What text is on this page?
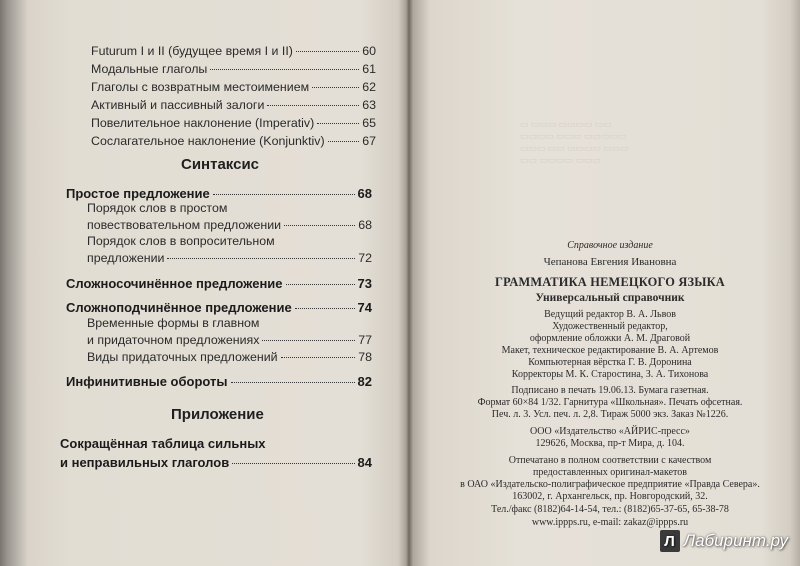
Futurum I и II (будущее время I и II)	60
Модальные глаголы	61
Глаголы с возвратным местоимением	62
Активный и пассивный залоги	63
Повелительное наклонение (Imperativ)	65
Сослагательное наклонение (Konjunktiv)	67
Синтаксис
Простое предложение	68
Порядок слов в простом
повествовательном предложении	68
Порядок слов в вопросительном
предложении	72
Сложносочинённое предложение	73
Сложноподчинённое предложение	74
Временные формы в главном
и придаточном предложениях	77
Виды придаточных предложений	78
Инфинитивные обороты	82
Приложение
Сокращённая таблица сильных
и неправильных глаголов	84
▭ ▭▭▭ ▭▭▭▭ ▭▭
▭▭▭▭ ▭▭▭ ▭▭▭▭▭
▭▭▭ ▭▭ ▭▭▭▭ ▭▭▭
▭▭ ▭▭▭▭ ▭▭▭
Справочное издание
Чепанова Евгения Ивановна
ГРАММАТИКА НЕМЕЦКОГО ЯЗЫКА
Универсальный справочник
Ведущий редактор В. А. Львов
Художественный редактор,
оформление обложки А. М. Драговой
Макет, техническое редактирование В. А. Артемов
Компьютерная вёрстка Г. В. Доронина
Корректоры М. К. Старостина, З. А. Тихонова
Подписано в печать 19.06.13. Бумага газетная.
Формат 60×84 1/32. Гарнитура «Школьная». Печать офсетная.
Печ. л. 3. Усл. печ. л. 2,8. Тираж 5000 экз. Заказ №1226.
ООО «Издательство «АЙРИС-пресс»
129626, Москва, пр-т Мира, д. 104.
Отпечатано в полном соответствии с качеством
предоставленных оригинал-макетов
в ОАО «Издательско-полиграфическое предприятие «Правда Севера».
163002, г. Архангельск, пр. Новгородский, 32.
Тел./факс (8182)64-14-54, тел.: (8182)65-37-65, 65-38-78
www.ippps.ru, e-mail: zakaz@ippps.ru
Л Лабиринт.ру
